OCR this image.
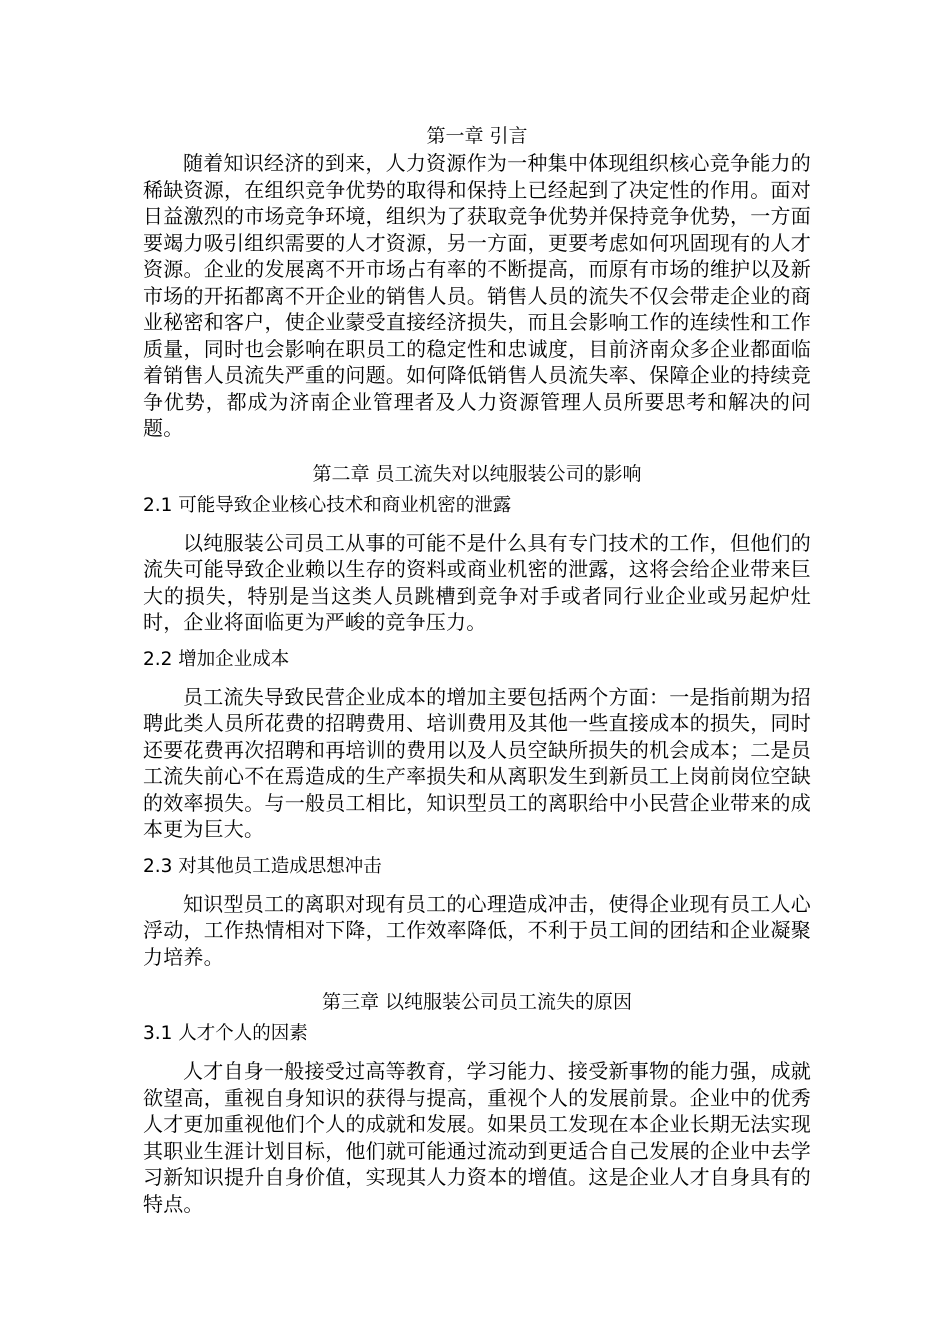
第一章 引言

随着知识经济的到来，人力资源作为一种集中体现组织核心竞争能力的稀缺资源，在组织竞争优势的取得和保持上已经起到了决定性的作用。面对日益激烈的市场竞争环境，组织为了获取竞争优势并保持竞争优势，一方面要竭力吸引组织需要的人才资源，另一方面，更要考虑如何巩固现有的人才资源。企业的发展离不开市场占有率的不断提高，而原有市场的维护以及新市场的开拓都离不开企业的销售人员。销售人员的流失不仅会带走企业的商业秘密和客户，使企业蒙受直接经济损失，而且会影响工作的连续性和工作质量，同时也会影响在职员工的稳定性和忠诚度，目前济南众多企业都面临着销售人员流失严重的问题。如何降低销售人员流失率、保障企业的持续竞争优势，都成为济南企业管理者及人力资源管理人员所要思考和解决的问题。

第二章 员工流失对以纯服装公司的影响
2.1 可能导致企业核心技术和商业机密的泄露

以纯服装公司员工从事的可能不是什么具有专门技术的工作，但他们的流失可能导致企业赖以生存的资料或商业机密的泄露，这将会给企业带来巨大的损失，特别是当这类人员跳槽到竞争对手或者同行业企业或另起炉灶时，企业将面临更为严峻的竞争压力。

2.2 增加企业成本

员工流失导致民营企业成本的增加主要包括两个方面：一是指前期为招聘此类人员所花费的招聘费用、培训费用及其他一些直接成本的损失，同时还要花费再次招聘和再培训的费用以及人员空缺所损失的机会成本；二是员工流失前心不在焉造成的生产率损失和从离职发生到新员工上岗前岗位空缺的效率损失。与一般员工相比，知识型员工的离职给中小民营企业带来的成本更为巨大。

2.3 对其他员工造成思想冲击

知识型员工的离职对现有员工的心理造成冲击，使得企业现有员工人心浮动，工作热情相对下降，工作效率降低，不利于员工间的团结和企业凝聚力培养。

第三章 以纯服装公司员工流失的原因
3.1 人才个人的因素

人才自身一般接受过高等教育，学习能力、接受新事物的能力强，成就欲望高，重视自身知识的获得与提高，重视个人的发展前景。企业中的优秀人才更加重视他们个人的成就和发展。如果员工发现在本企业长期无法实现其职业生涯计划目标，他们就可能通过流动到更适合自己发展的企业中去学习新知识提升自身价值，实现其人力资本的增值。这是企业人才自身具有的特点。
